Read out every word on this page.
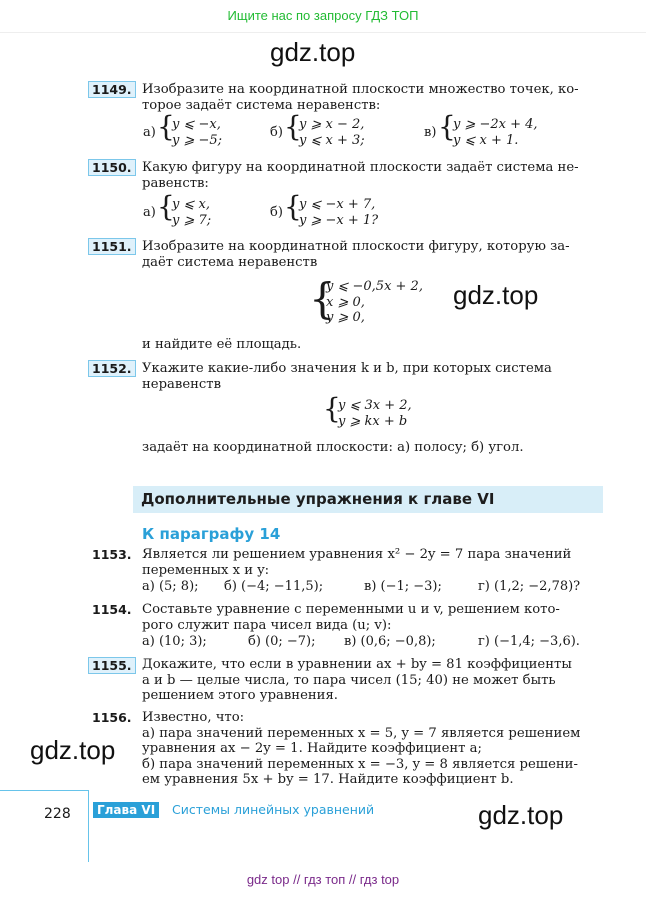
Ищите нас по запросу ГДЗ ТОП
gdz.top
gdz.top
gdz.top
gdz.top
1149. Изобразите на координатной плоскости множество точек, ко-
торое задаёт система неравенств:
а) {
y ⩽ −x,
y ⩾ −5;	б) {
y ⩾ x − 2,
y ⩽ x + 3;	в) {
y ⩾ −2x + 4,
y ⩽ x + 1.
1150. Какую фигуру на координатной плоскости задаёт система не-
равенств:
а) {
y ⩽ x,
y ⩾ 7;	б) {
y ⩽ −x + 7,
y ⩾ −x + 1?
1151. Изобразите на координатной плоскости фигуру, которую за-
даёт система неравенств
{
y ⩽ −0,5x + 2,
x ⩾ 0,
y ⩾ 0,
и найдите её площадь.
1152. Укажите какие-либо значения k и b, при которых система
неравенств
{
y ⩽ 3x + 2,
y ⩾ kx + b
задаёт на координатной плоскости: а) полосу; б) угол.
Дополнительные упражнения к главе VI
К параграфу 14
1153. Является ли решением уравнения x² − 2y = 7 пара значений
переменных x и y:
а) (5; 8); б) (−4; −11,5);	в) (−1; −3);	г) (1,2; −2,78)?
1154. Составьте уравнение с переменными u и v, решением кото-
рого служит пара чисел вида (u; v):
а) (10; 3);	б) (0; −7); в) (0,6; −0,8);	г) (−1,4; −3,6).
1155. Докажите, что если в уравнении ax + by = 81 коэффициенты
a и b — целые числа, то пара чисел (15; 40) не может быть
решением этого уравнения.
1156. Известно, что:
а) пара значений переменных x = 5, y = 7 является решением
уравнения ax − 2y = 1. Найдите коэффициент a;
б) пара значений переменных x = −3, y = 8 является решени-
ем уравнения 5x + by = 17. Найдите коэффициент b.
228	Глава VI	Системы линейных уравнений
gdz top // гдз топ // гдз top
